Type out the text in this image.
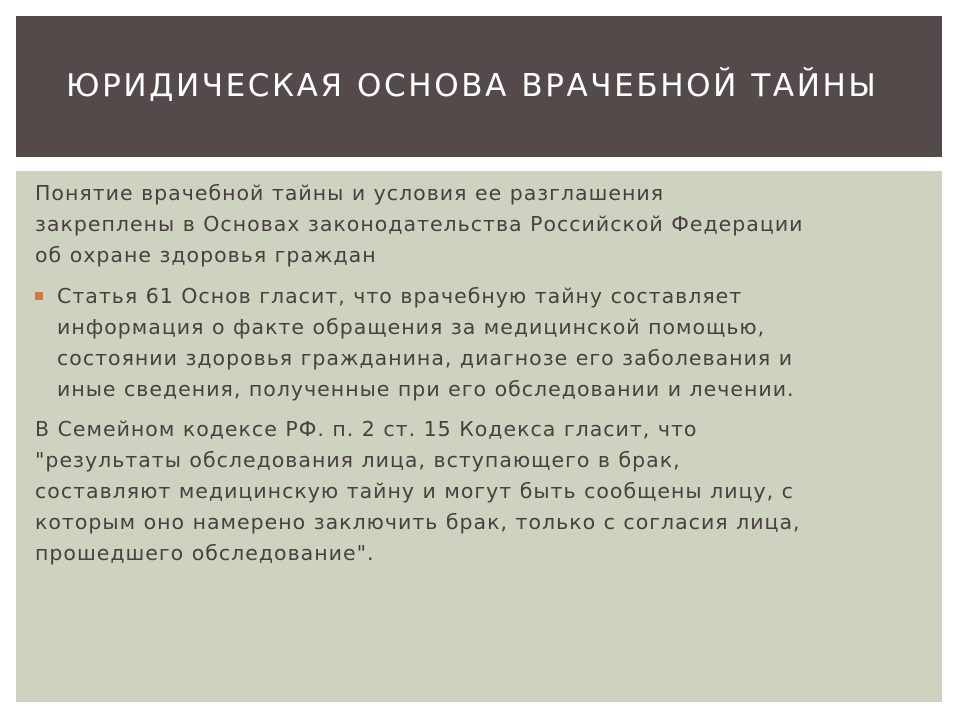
ЮРИДИЧЕСКАЯ ОСНОВА ВРАЧЕБНОЙ ТАЙНЫ

Понятие врачебной тайны и условия ее разглашения
закреплены в Основах законодательства Российской Федерации
об охране здоровья граждан

Статья 61 Основ гласит, что врачебную тайну составляет
информация о факте обращения за медицинской помощью,
состоянии здоровья гражданина, диагнозе его заболевания и
иные сведения, полученные при его обследовании и лечении.

В Семейном кодексе РФ. п. 2 ст. 15 Кодекса гласит, что
"результаты обследования лица, вступающего в брак,
составляют медицинскую тайну и могут быть сообщены лицу, с
которым оно намерено заключить брак, только с согласия лица,
прошедшего обследование".
